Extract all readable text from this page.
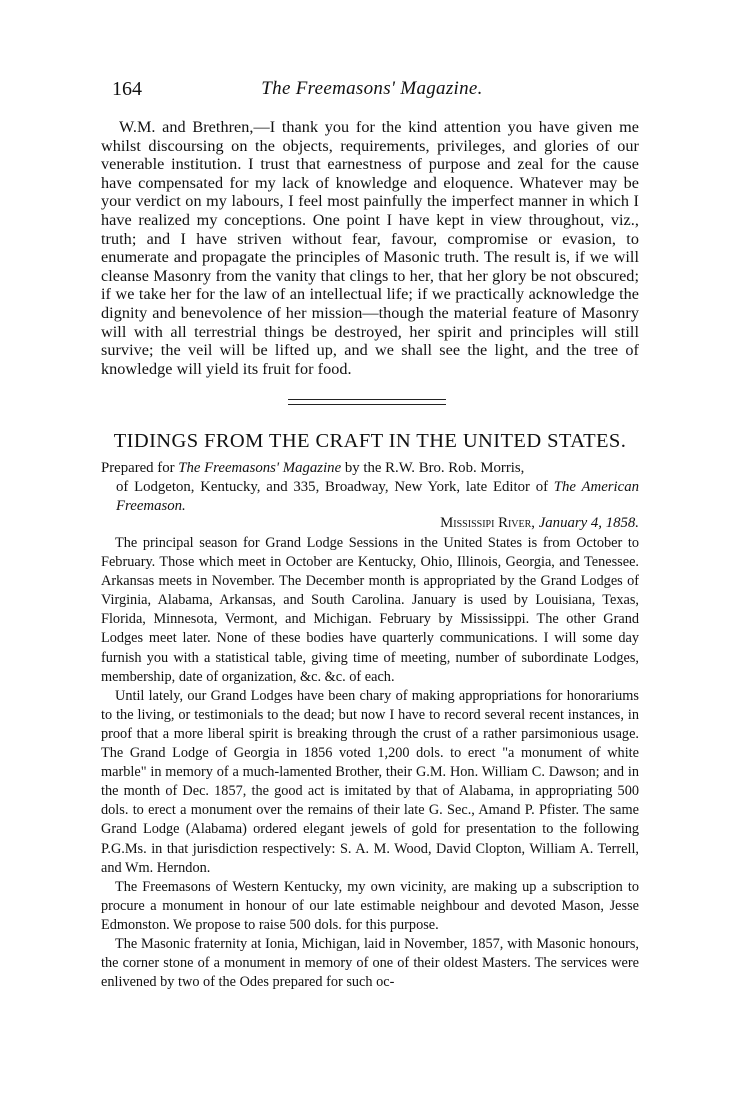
164	The Freemasons' Magazine.

W.M. and Brethren,—I thank you for the kind attention you have given me whilst discoursing on the objects, requirements, privileges, and glories of our venerable institution. I trust that earnestness of purpose and zeal for the cause have compensated for my lack of knowledge and eloquence. Whatever may be your verdict on my labours, I feel most painfully the imperfect manner in which I have realized my conceptions. One point I have kept in view throughout, viz., truth; and I have striven without fear, favour, compromise or evasion, to enumerate and propagate the principles of Masonic truth. The result is, if we will cleanse Masonry from the vanity that clings to her, that her glory be not obscured; if we take her for the law of an intellectual life; if we practically acknowledge the dignity and benevolence of her mission—though the material feature of Masonry will with all terrestrial things be destroyed, her spirit and principles will still survive; the veil will be lifted up, and we shall see the light, and the tree of knowledge will yield its fruit for food.

TIDINGS FROM THE CRAFT IN THE UNITED STATES.
Prepared for The Freemasons' Magazine by the R.W. Bro. Rob. Morris,
of Lodgeton, Kentucky, and 335, Broadway, New York, late Editor of The American Freemason.
Mississipi River, January 4, 1858.

The principal season for Grand Lodge Sessions in the United States is from October to February. Those which meet in October are Kentucky, Ohio, Illinois, Georgia, and Tenessee. Arkansas meets in November. The December month is appropriated by the Grand Lodges of Virginia, Alabama, Arkansas, and South Carolina. January is used by Louisiana, Texas, Florida, Minnesota, Vermont, and Michigan. February by Mississippi. The other Grand Lodges meet later. None of these bodies have quarterly communications. I will some day furnish you with a statistical table, giving time of meeting, number of subordinate Lodges, membership, date of organization, &c. &c. of each.

Until lately, our Grand Lodges have been chary of making appropriations for honorariums to the living, or testimonials to the dead; but now I have to record several recent instances, in proof that a more liberal spirit is breaking through the crust of a rather parsimonious usage. The Grand Lodge of Georgia in 1856 voted 1,200 dols. to erect "a monument of white marble" in memory of a much-lamented Brother, their G.M. Hon. William C. Dawson; and in the month of Dec. 1857, the good act is imitated by that of Alabama, in appropriating 500 dols. to erect a monument over the remains of their late G. Sec., Amand P. Pfister. The same Grand Lodge (Alabama) ordered elegant jewels of gold for presentation to the following P.G.Ms. in that jurisdiction respectively: S. A. M. Wood, David Clopton, William A. Terrell, and Wm. Herndon.

The Freemasons of Western Kentucky, my own vicinity, are making up a subscription to procure a monument in honour of our late estimable neighbour and devoted Mason, Jesse Edmonston. We propose to raise 500 dols. for this purpose.

The Masonic fraternity at Ionia, Michigan, laid in November, 1857, with Masonic honours, the corner stone of a monument in memory of one of their oldest Masters. The services were enlivened by two of the Odes prepared for such oc-
